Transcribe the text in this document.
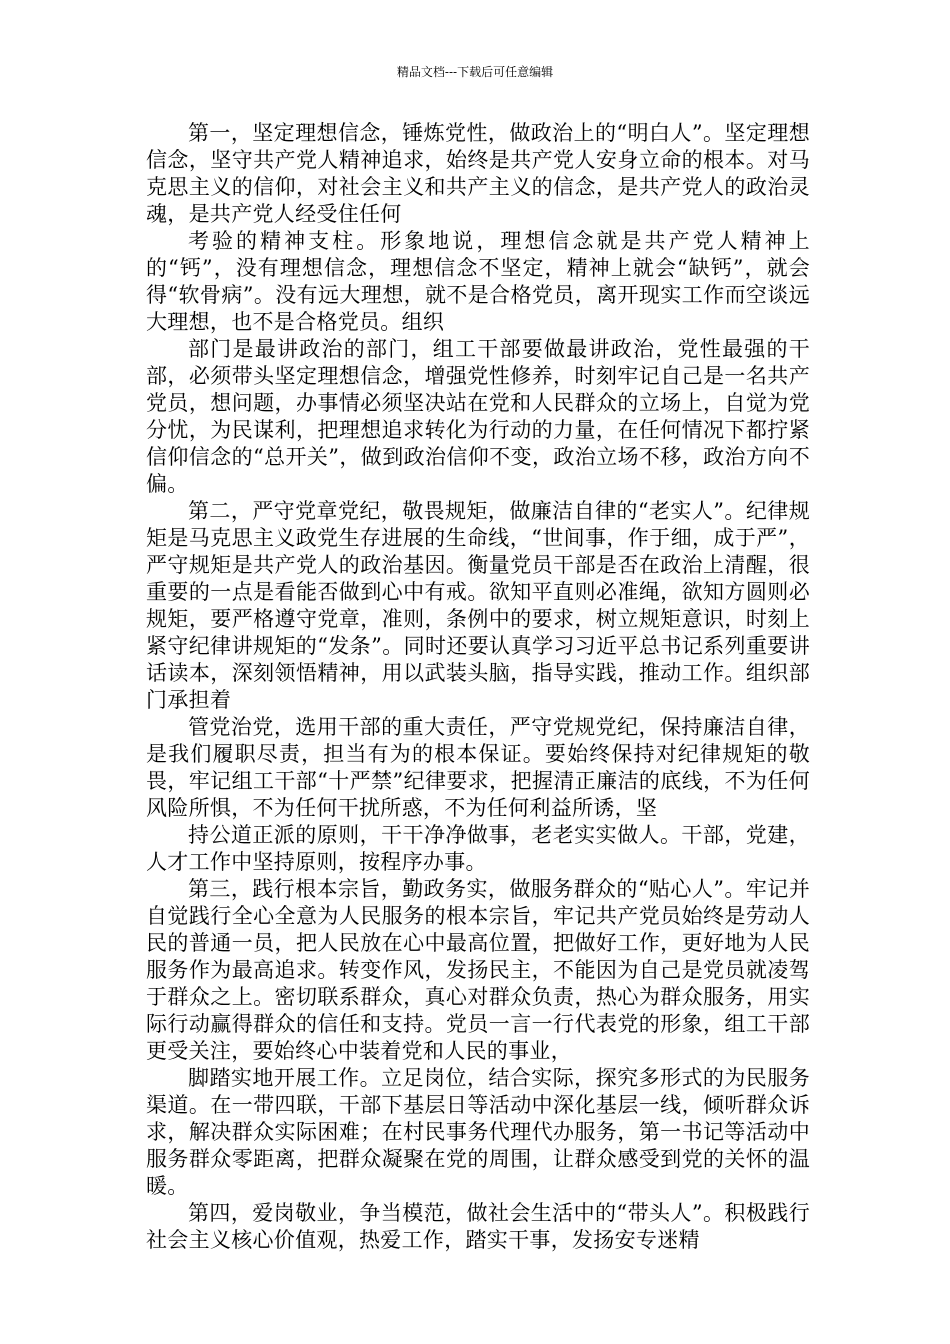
精品文档---下载后可任意编辑

第一，坚定理想信念，锤炼党性，做政治上的“明白人”。坚定理想信念，坚守共产党人精神追求，始终是共产党人安身立命的根本。对马克思主义的信仰，对社会主义和共产主义的信念，是共产党人的政治灵魂，是共产党人经受住任何

考验的精神支柱。形象地说，理想信念就是共产党人精神上的“钙”，没有理想信念，理想信念不坚定，精神上就会“缺钙”，就会得“软骨病”。没有远大理想，就不是合格党员，离开现实工作而空谈远大理想，也不是合格党员。组织

部门是最讲政治的部门，组工干部要做最讲政治，党性最强的干部，必须带头坚定理想信念，增强党性修养，时刻牢记自己是一名共产党员，想问题，办事情必须坚决站在党和人民群众的立场上，自觉为党分忧，为民谋利，把理想追求转化为行动的力量，在任何情况下都拧紧信仰信念的“总开关”，做到政治信仰不变，政治立场不移，政治方向不偏。

第二，严守党章党纪，敬畏规矩，做廉洁自律的“老实人”。纪律规矩是马克思主义政党生存进展的生命线，“世间事，作于细，成于严”，严守规矩是共产党人的政治基因。衡量党员干部是否在政治上清醒，很重要的一点是看能否做到心中有戒。欲知平直则必准绳，欲知方圆则必规矩，要严格遵守党章，准则，条例中的要求，树立规矩意识，时刻上紧守纪律讲规矩的“发条”。同时还要认真学习习近平总书记系列重要讲话读本，深刻领悟精神，用以武装头脑，指导实践，推动工作。组织部门承担着

管党治党，选用干部的重大责任，严守党规党纪，保持廉洁自律，是我们履职尽责，担当有为的根本保证。要始终保持对纪律规矩的敬畏，牢记组工干部“十严禁”纪律要求，把握清正廉洁的底线，不为任何风险所惧，不为任何干扰所惑，不为任何利益所诱，坚

持公道正派的原则，干干净净做事，老老实实做人。干部，党建，人才工作中坚持原则，按程序办事。

第三，践行根本宗旨，勤政务实，做服务群众的“贴心人”。牢记并自觉践行全心全意为人民服务的根本宗旨，牢记共产党员始终是劳动人民的普通一员，把人民放在心中最高位置，把做好工作，更好地为人民服务作为最高追求。转变作风，发扬民主，不能因为自己是党员就凌驾于群众之上。密切联系群众，真心对群众负责，热心为群众服务，用实际行动赢得群众的信任和支持。党员一言一行代表党的形象，组工干部更受关注，要始终心中装着党和人民的事业，

脚踏实地开展工作。立足岗位，结合实际，探究多形式的为民服务渠道。在一带四联，干部下基层日等活动中深化基层一线，倾听群众诉求，解决群众实际困难；在村民事务代理代办服务，第一书记等活动中服务群众零距离，把群众凝聚在党的周围，让群众感受到党的关怀的温暖。

第四，爱岗敬业，争当模范，做社会生活中的“带头人”。积极践行社会主义核心价值观，热爱工作，踏实干事，发扬安专迷精
